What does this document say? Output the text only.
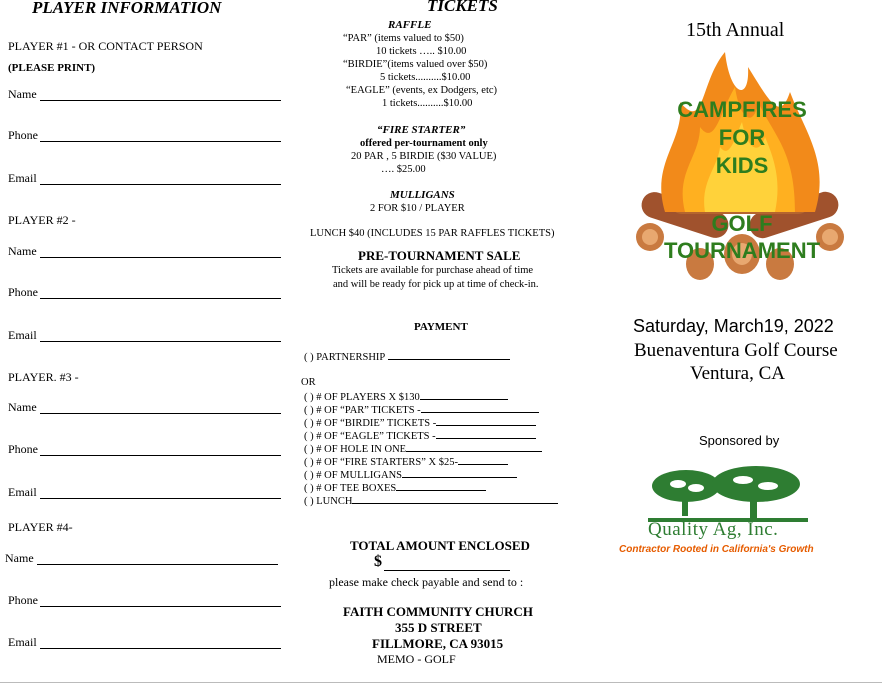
PLAYER INFORMATION
PLAYER #1 - OR CONTACT PERSON
(PLEASE PRINT)
Name
Phone
Email
PLAYER #2 -
Name
Phone
Email
PLAYER. #3 -
Name
Phone
Email
PLAYER #4-
Name
Phone
Email
TICKETS
RAFFLE
“PAR” (items valued to $50)
10 tickets ….. $10.00
“BIRDIE”(items valued over $50)
5 tickets..........$10.00
“EAGLE” (events, ex Dodgers, etc)
1 tickets..........$10.00
“FIRE STARTER”
offered per-tournament only
20 PAR , 5 BIRDIE ($30 VALUE)
…. $25.00
MULLIGANS
2 FOR $10 / PLAYER
LUNCH $40 (INCLUDES 15 PAR RAFFLES TICKETS)
PRE-TOURNAMENT SALE
Tickets are available for purchase ahead of time
and will be ready for pick up at time of check-in.
PAYMENT
( ) PARTNERSHIP
OR
( ) # OF PLAYERS X $130
( ) # OF “PAR” TICKETS -
( ) # OF “BIRDIE” TICKETS -
( ) # OF “EAGLE” TICKETS -
( ) # OF HOLE IN ONE
( ) # OF “FIRE STARTERS” X $25-
( ) # OF MULLIGANS
( ) # OF TEE BOXES
( ) LUNCH
TOTAL AMOUNT ENCLOSED
$
please make check payable and send to :
FAITH COMMUNITY CHURCH
355 D STREET
FILLMORE, CA 93015
MEMO - GOLF
15th Annual
CAMPFIRES
FOR
KIDS
GOLF
TOURNAMENT
Saturday, March19, 2022
Buenaventura Golf Course
Ventura, CA
Sponsored by
Quality Ag, Inc.
Contractor Rooted in California's Growth
